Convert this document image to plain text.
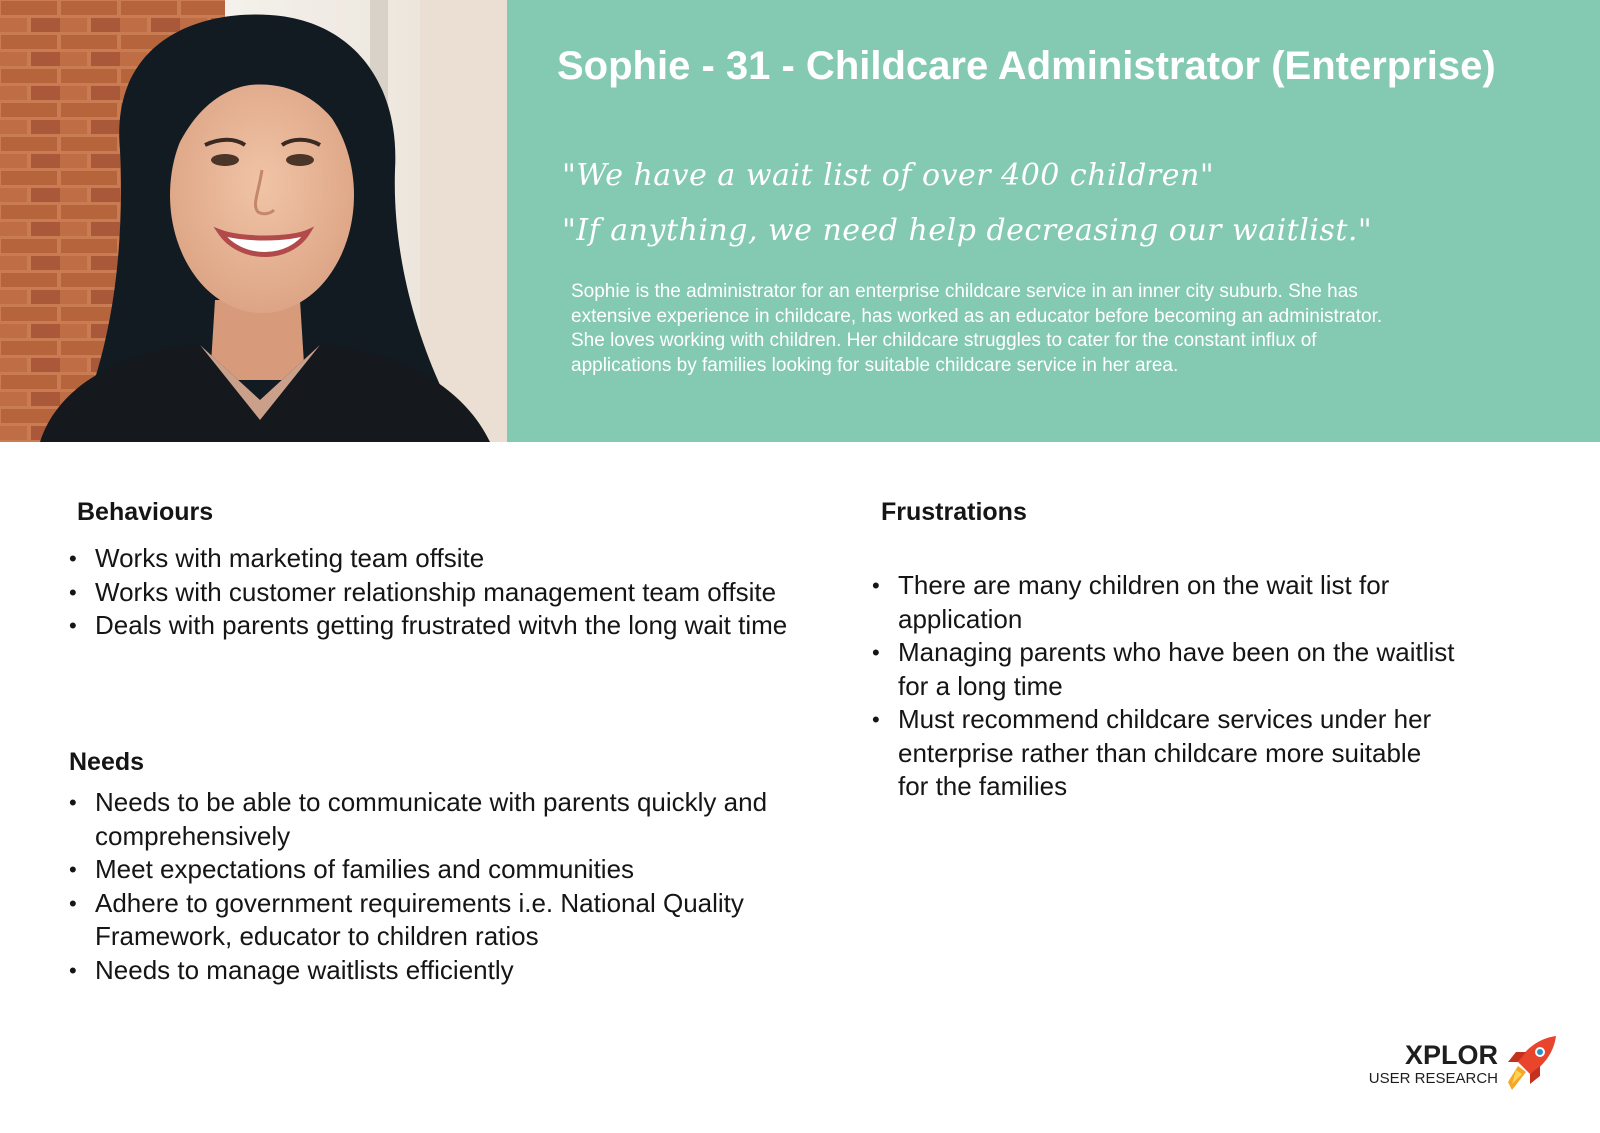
Sophie - 31 - Childcare Administrator (Enterprise)

"We have a wait list of over 400 children"

"If anything, we need help decreasing our waitlist."

Sophie is the administrator for an enterprise childcare service in an inner city suburb. She has extensive experience in childcare, has worked as an educator before becoming an administrator. She loves working with children. Her childcare struggles to cater for the constant influx of applications by families looking for suitable childcare service in her area.

Behaviours
• Works with marketing team offsite
• Works with customer relationship management team offsite
• Deals with parents getting frustrated witvh the long wait time
Needs
• Needs to be able to communicate with parents quickly and comprehensively
• Meet expectations of families and communities
• Adhere to government requirements i.e. National Quality Framework, educator to children ratios
• Needs to manage waitlists efficiently
Frustrations
• There are many children on the wait list for application
• Managing parents who have been on the waitlist for a long time
• Must recommend childcare services under her enterprise rather than childcare more suitable for the families

XPLOR

USER RESEARCH
